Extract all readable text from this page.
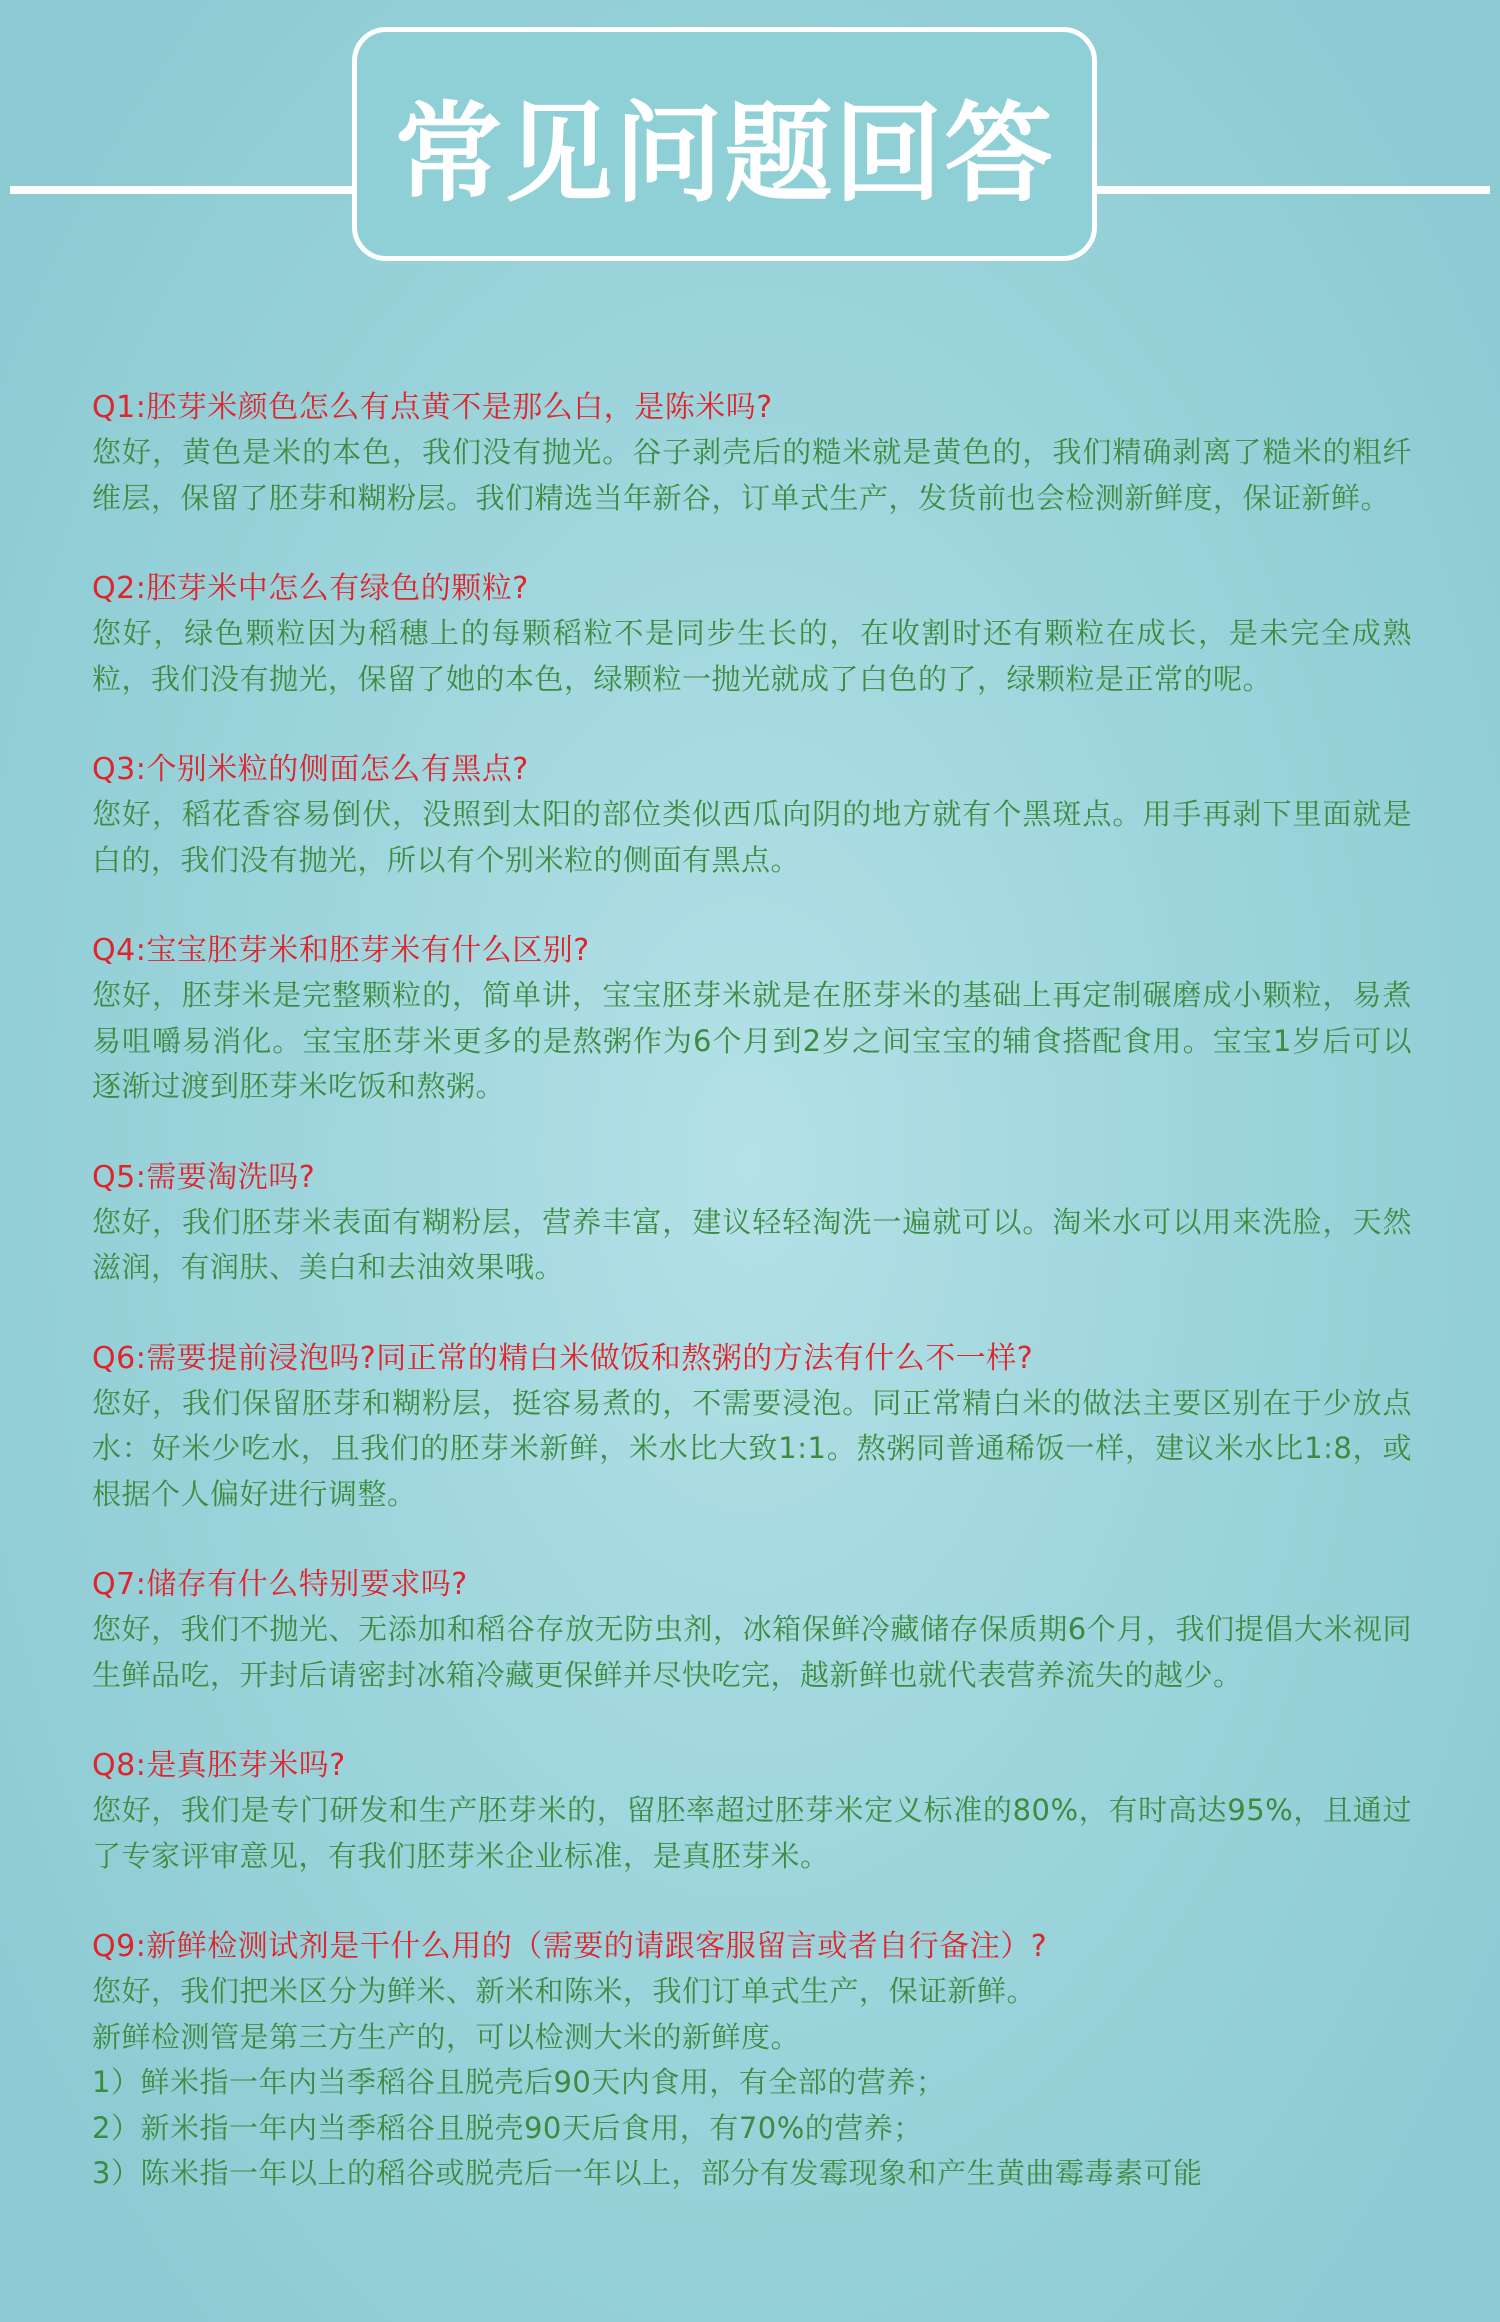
常见问题回答

Q1:胚芽米颜色怎么有点黄不是那么白，是陈米吗?

您好，黄色是米的本色，我们没有抛光。谷子剥壳后的糙米就是黄色的，我们精确剥离了糙米的粗纤维层，保留了胚芽和糊粉层。我们精选当年新谷，订单式生产，发货前也会检测新鲜度，保证新鲜。

Q2:胚芽米中怎么有绿色的颗粒?

您好，绿色颗粒因为稻穗上的每颗稻粒不是同步生长的，在收割时还有颗粒在成长，是未完全成熟粒，我们没有抛光，保留了她的本色，绿颗粒一抛光就成了白色的了，绿颗粒是正常的呢。

Q3:个别米粒的侧面怎么有黑点?

您好，稻花香容易倒伏，没照到太阳的部位类似西瓜向阴的地方就有个黑斑点。用手再剥下里面就是白的，我们没有抛光，所以有个别米粒的侧面有黑点。

Q4:宝宝胚芽米和胚芽米有什么区别?

您好，胚芽米是完整颗粒的，简单讲，宝宝胚芽米就是在胚芽米的基础上再定制碾磨成小颗粒，易煮易咀嚼易消化。宝宝胚芽米更多的是熬粥作为6个月到2岁之间宝宝的辅食搭配食用。宝宝1岁后可以逐渐过渡到胚芽米吃饭和熬粥。

Q5:需要淘洗吗?

您好，我们胚芽米表面有糊粉层，营养丰富，建议轻轻淘洗一遍就可以。淘米水可以用来洗脸，天然滋润，有润肤、美白和去油效果哦。

Q6:需要提前浸泡吗?同正常的精白米做饭和熬粥的方法有什么不一样?

您好，我们保留胚芽和糊粉层，挺容易煮的，不需要浸泡。同正常精白米的做法主要区别在于少放点水：好米少吃水，且我们的胚芽米新鲜，米水比大致1:1。熬粥同普通稀饭一样，建议米水比1:8，或根据个人偏好进行调整。

Q7:储存有什么特别要求吗?

您好，我们不抛光、无添加和稻谷存放无防虫剂，冰箱保鲜冷藏储存保质期6个月，我们提倡大米视同生鲜品吃，开封后请密封冰箱冷藏更保鲜并尽快吃完，越新鲜也就代表营养流失的越少。

Q8:是真胚芽米吗?

您好，我们是专门研发和生产胚芽米的，留胚率超过胚芽米定义标准的80%，有时高达95%，且通过了专家评审意见，有我们胚芽米企业标准，是真胚芽米。

Q9:新鲜检测试剂是干什么用的（需要的请跟客服留言或者自行备注）?

您好，我们把米区分为鲜米、新米和陈米，我们订单式生产，保证新鲜。

新鲜检测管是第三方生产的，可以检测大米的新鲜度。

1）鲜米指一年内当季稻谷且脱壳后90天内食用，有全部的营养；

2）新米指一年内当季稻谷且脱壳90天后食用，有70%的营养；

3）陈米指一年以上的稻谷或脱壳后一年以上，部分有发霉现象和产生黄曲霉毒素可能
